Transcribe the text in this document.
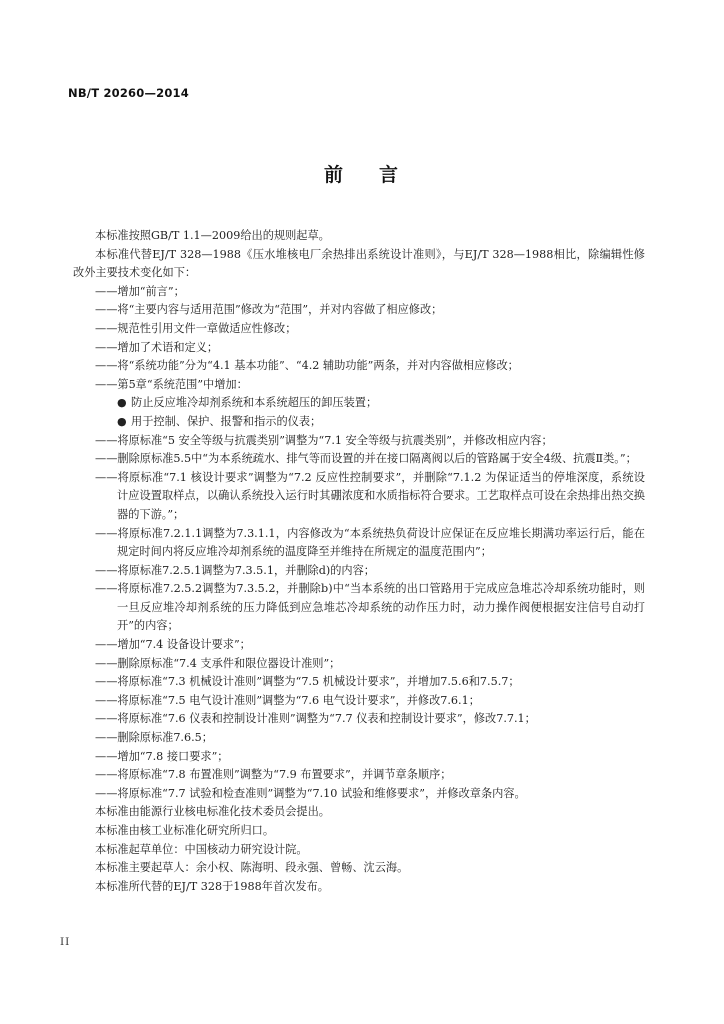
NB/T 20260—2014
前 言
本标准按照GB/T 1.1—2009给出的规则起草。
本标准代替EJ/T 328—1988《压水堆核电厂余热排出系统设计准则》，与EJ/T 328—1988相比，除编辑性修改外主要技术变化如下：
——增加“前言”；
——将“主要内容与适用范围”修改为“范围”，并对内容做了相应修改；
——规范性引用文件一章做适应性修改；
——增加了术语和定义；
——将“系统功能”分为“4.1 基本功能”、“4.2 辅助功能”两条，并对内容做相应修改；
——第5章“系统范围”中增加：
● 防止反应堆冷却剂系统和本系统超压的卸压装置；
● 用于控制、保护、报警和指示的仪表；
——将原标准“5 安全等级与抗震类别”调整为“7.1 安全等级与抗震类别”，并修改相应内容；
——删除原标准5.5中“为本系统疏水、排气等而设置的并在接口隔离阀以后的管路属于安全4级、抗震Ⅱ类。”；
——将原标准“7.1 核设计要求”调整为“7.2 反应性控制要求”，并删除“7.1.2 为保证适当的停堆深度，系统设计应设置取样点，以确认系统投入运行时其硼浓度和水质指标符合要求。工艺取样点可设在余热排出热交换器的下游。”；
——将原标准7.2.1.1调整为7.3.1.1，内容修改为“本系统热负荷设计应保证在反应堆长期满功率运行后，能在规定时间内将反应堆冷却剂系统的温度降至并维持在所规定的温度范围内”；
——将原标准7.2.5.1调整为7.3.5.1，并删除d)的内容；
——将原标准7.2.5.2调整为7.3.5.2，并删除b)中“当本系统的出口管路用于完成应急堆芯冷却系统功能时，则一旦反应堆冷却剂系统的压力降低到应急堆芯冷却系统的动作压力时，动力操作阀便根据安注信号自动打开”的内容；
——增加“7.4 设备设计要求”；
——删除原标准“7.4 支承件和限位器设计准则”；
——将原标准“7.3 机械设计准则”调整为“7.5 机械设计要求”，并增加7.5.6和7.5.7；
——将原标准“7.5 电气设计准则”调整为“7.6 电气设计要求”，并修改7.6.1；
——将原标准“7.6 仪表和控制设计准则”调整为“7.7 仪表和控制设计要求”，修改7.7.1；
——删除原标准7.6.5；
——增加“7.8 接口要求”；
——将原标准“7.8 布置准则”调整为“7.9 布置要求”，并调节章条顺序；
——将原标准“7.7 试验和检查准则”调整为“7.10 试验和维修要求”，并修改章条内容。
本标准由能源行业核电标准化技术委员会提出。
本标准由核工业标准化研究所归口。
本标准起草单位：中国核动力研究设计院。
本标准主要起草人：余小权、陈海明、段永强、曾畅、沈云海。
本标准所代替的EJ/T 328于1988年首次发布。
II
